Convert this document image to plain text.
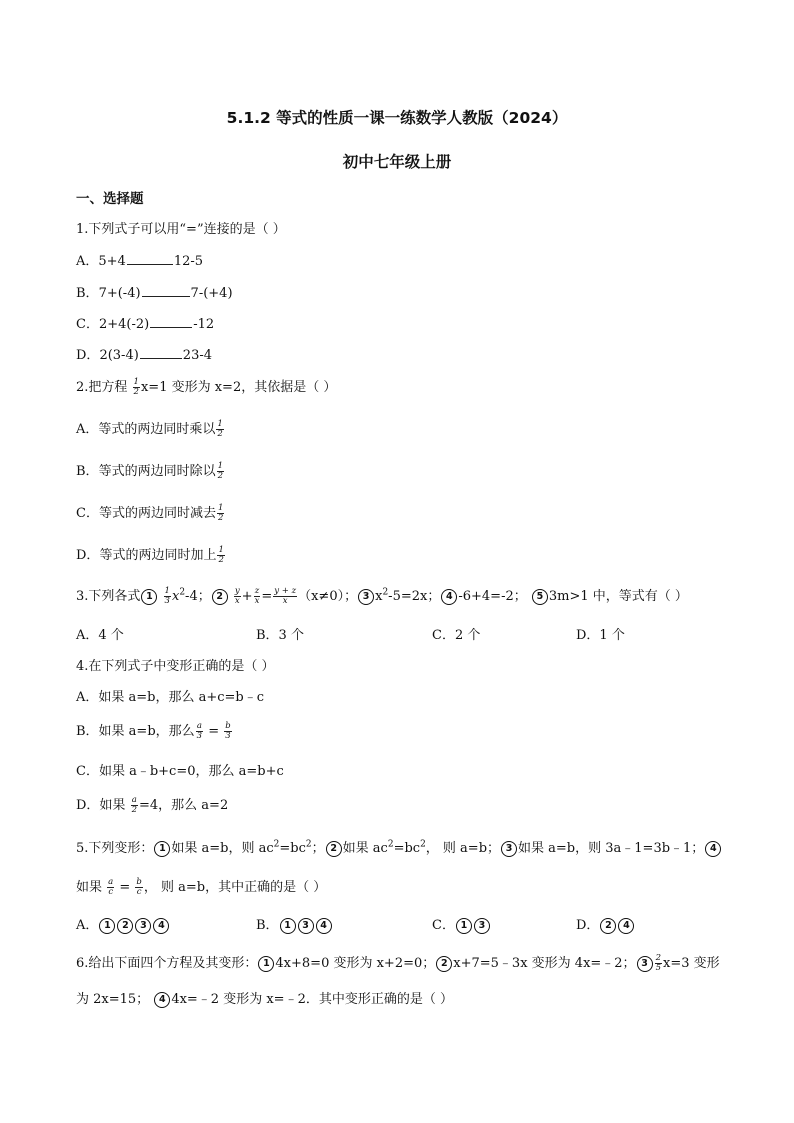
5.1.2 等式的性质一课一练数学人教版（2024）
初中七年级上册
一、选择题
1.下列式子可以用“=”连接的是（ ）
A．5+4	12-5
B．7+(-4)	7-(+4)
C．2+4(-2)	-12
D．2(3-4)	23-4
2.把方程 $\frac{1}{2} x=1$ 变形为 x=2，其依据是（ ）
A．等式的两边同时乘以 $\frac{1}{2}$
B．等式的两边同时除以 $\frac{1}{2}$
C．等式的两边同时减去 $\frac{1}{2}$
D．等式的两边同时加上 $\frac{1}{2}$
3.下列各式 $1 \frac{1}{3} x^2-4$； $2 \frac{y}{x} + \frac{z}{x} = \frac{y + z}{x} (x\ne 0)$； 3 $x^2-5=2x$； 4 -6+4=-2； 5 3m>1 中，等式有（ ）
A．4 个	B．3 个	C．2 个	D．1 个
4.在下列式子中变形正确的是（ ）
A．如果 a=b，那么 a+c=b﹣c
B．如果 a=b，那么 $\frac{a}{3} = \frac{b}{3}$
C．如果 a﹣b+c=0，那么 a=b+c
D．如果 $\frac{a}{2} =4$，那么 a=2
5.下列变形： 1 如果 a=b，则 $ac^2=bc^2$； 2 如果 $ac^2=bc^2$， 则 a=b； 3 如果 a=b，则 3a﹣1=3b﹣1； 4
如果 $\frac{a}{c} = \frac{b}{c}$ ， 则 a=b，其中正确的是（ ）
A． 1 2 3 4	B． 1 3 4	C． 1 3	D． 2 4
6.给出下面四个方程及其变形： 1 4x+8=0 变形为 x+2=0； 2 x+7=5﹣3x 变形为 4x=﹣2； $3 \frac{2}{5} x=3$ 变形
为 2x=15； 4 4x=﹣2 变形为 x=﹣2．其中变形正确的是（ ）
